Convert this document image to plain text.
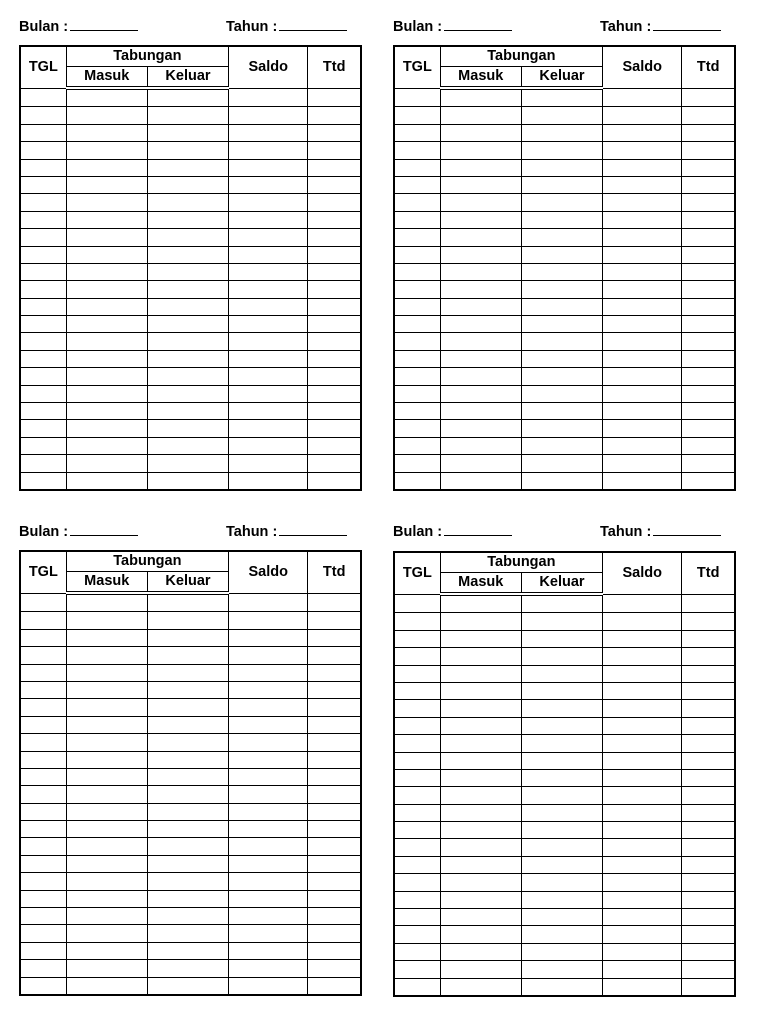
Bulan :	Tahun :
TGL	Tabungan		Saldo	Ttd
	Masuk	Keluar		

Bulan :	Tahun :
TGL	Tabungan		Saldo	Ttd
	Masuk	Keluar		

Bulan :	Tahun :
TGL	Tabungan		Saldo	Ttd
	Masuk	Keluar		

Bulan :	Tahun :
TGL	Tabungan		Saldo	Ttd
	Masuk	Keluar		
